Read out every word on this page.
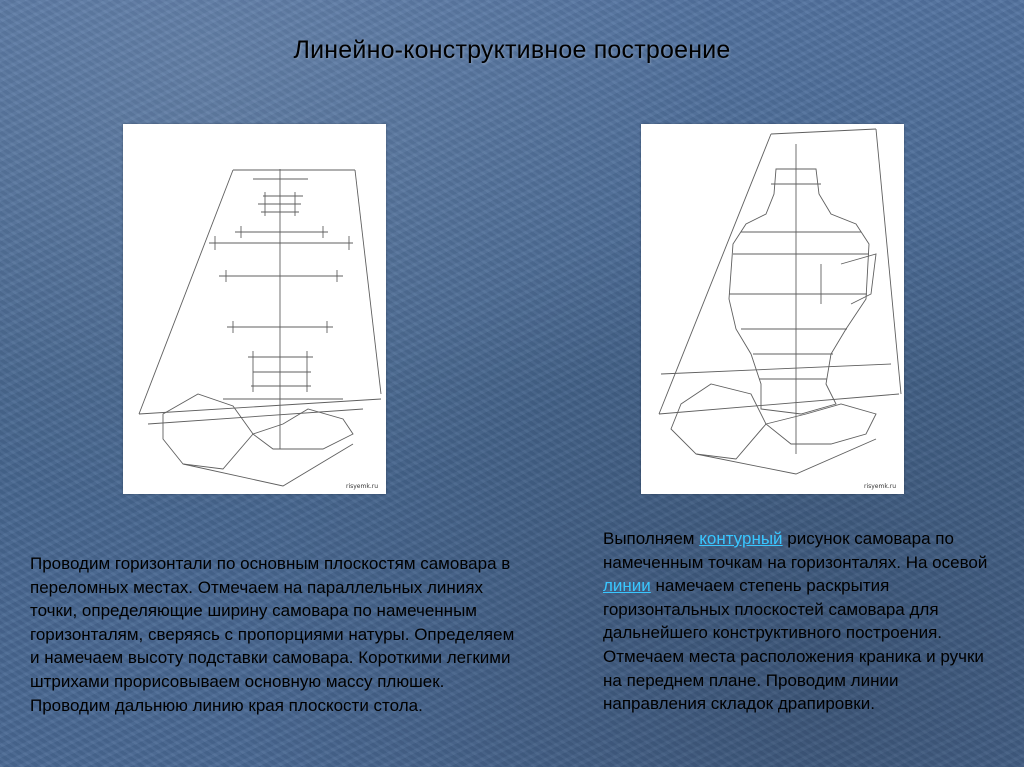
Линейно-конструктивное построение
risyemk.ru	risyemk.ru
Проводим горизонтали по основным плоскостям самовара в переломных местах. Отмечаем на параллельных линиях точки, определяющие ширину самовара по намеченным горизонталям, сверяясь с пропорциями натуры. Определяем и намечаем высоту подставки самовара. Короткими легкими штрихами прорисовываем основную массу плюшек. Проводим дальнюю линию края плоскости стола.
Выполняем контурный рисунок самовара по намеченным точкам на горизонталях. На осевой линии намечаем степень раскрытия горизонтальных плоскостей самовара для дальнейшего конструктивного построения. Отмечаем места расположения краника и ручки на переднем плане. Проводим линии направления складок драпировки.
